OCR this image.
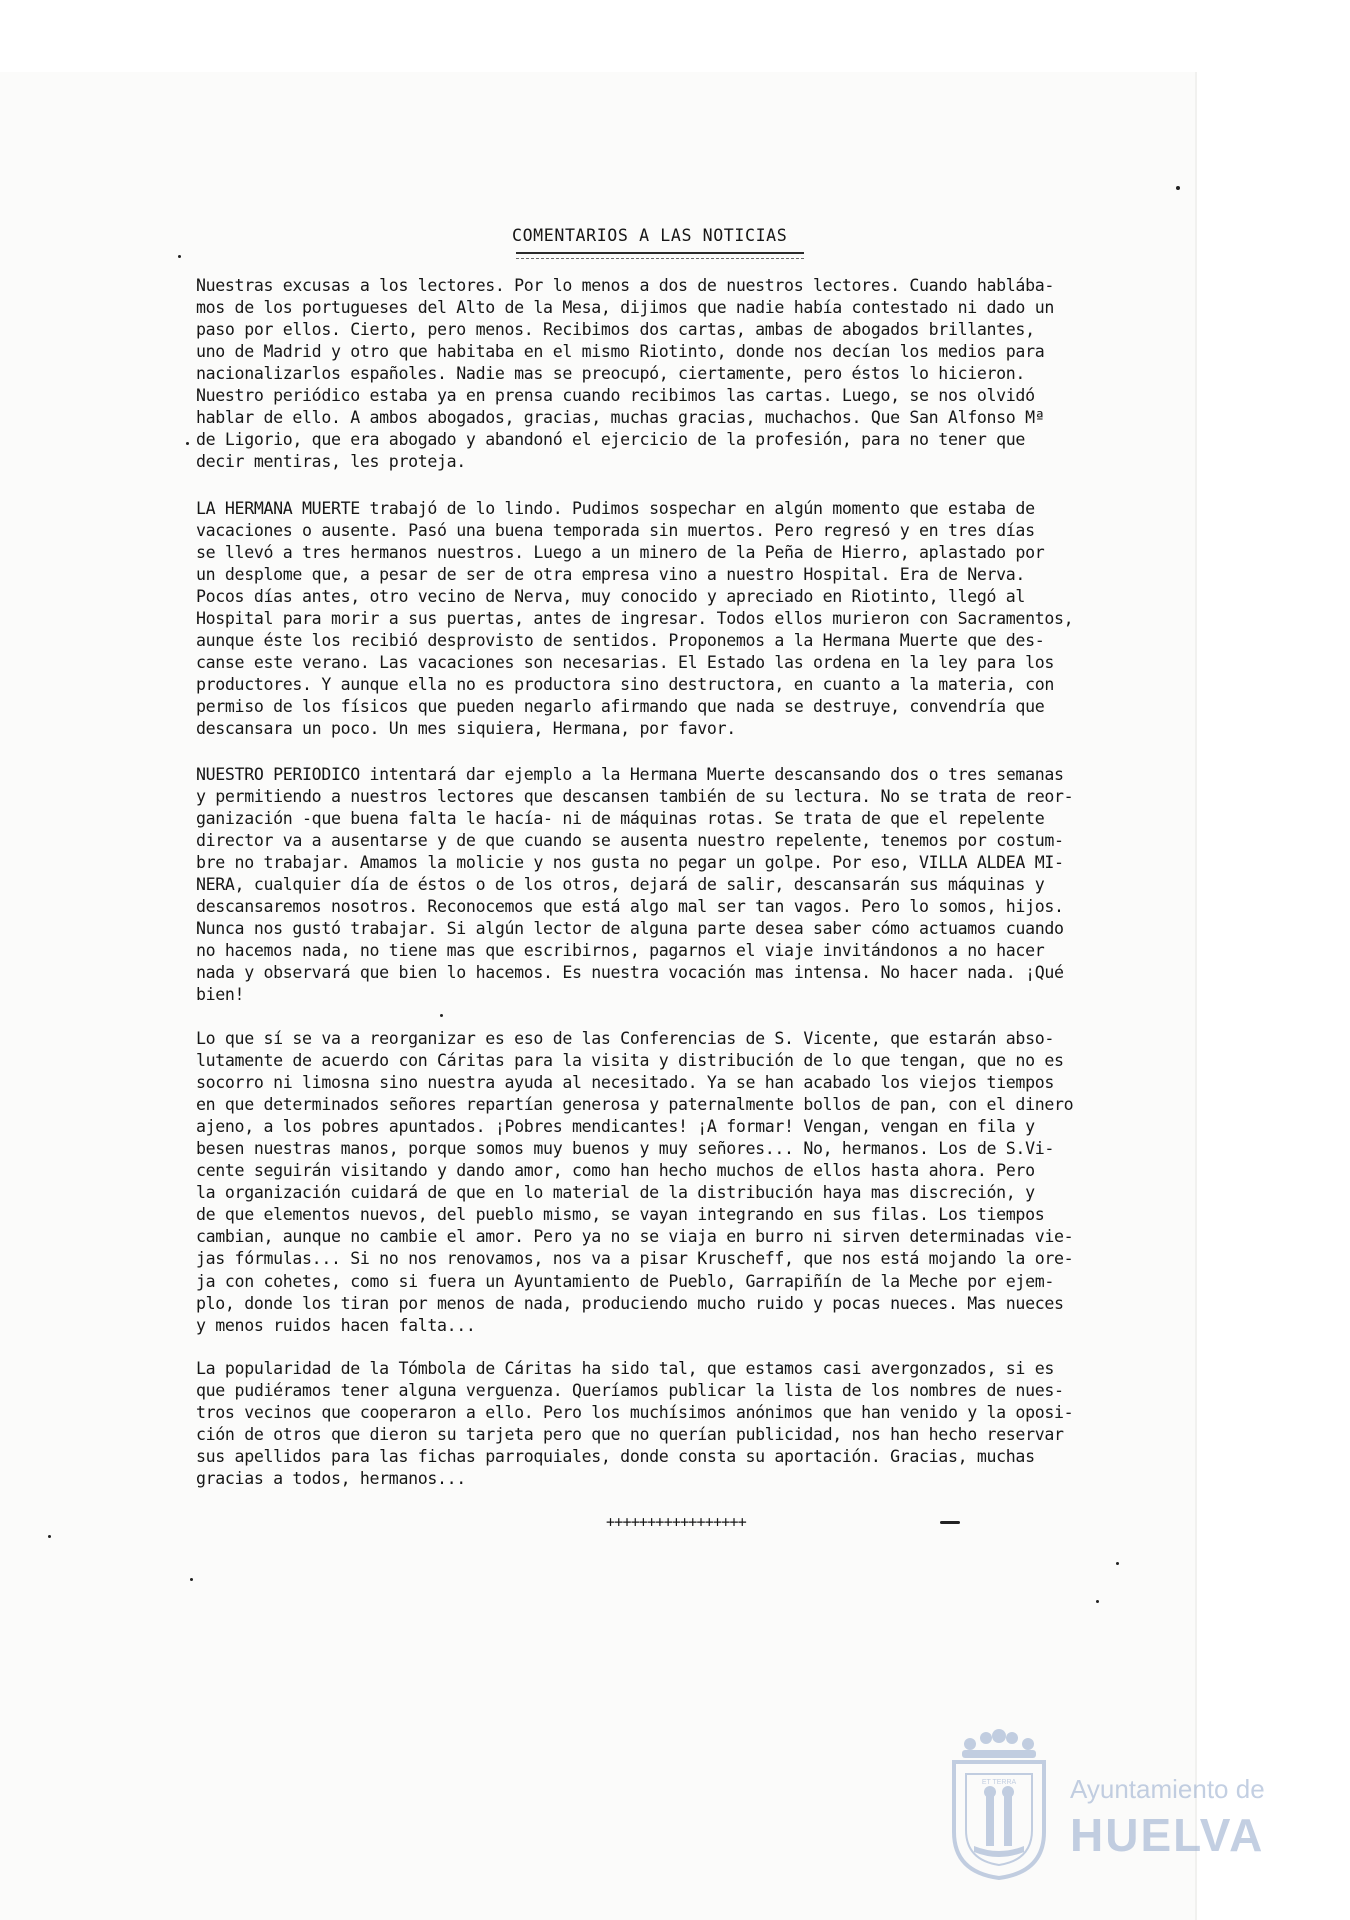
COMENTARIOS A LAS NOTICIAS
Nuestras excusas a los lectores. Por lo menos a dos de nuestros lectores. Cuando hablába-
mos de los portugueses del Alto de la Mesa, dijimos que nadie había contestado ni dado un
paso por ellos. Cierto, pero menos. Recibimos dos cartas, ambas de abogados brillantes,
uno de Madrid y otro que habitaba en el mismo Riotinto, donde nos decían los medios para
nacionalizarlos españoles. Nadie mas se preocupó, ciertamente, pero éstos lo hicieron.
Nuestro periódico estaba ya en prensa cuando recibimos las cartas. Luego, se nos olvidó
hablar de ello. A ambos abogados, gracias, muchas gracias, muchachos. Que San Alfonso Mª
de Ligorio, que era abogado y abandonó el ejercicio de la profesión, para no tener que
decir mentiras, les proteja.
LA HERMANA MUERTE trabajó de lo lindo. Pudimos sospechar en algún momento que estaba de
vacaciones o ausente. Pasó una buena temporada sin muertos. Pero regresó y en tres días
se llevó a tres hermanos nuestros. Luego a un minero de la Peña de Hierro, aplastado por
un desplome que, a pesar de ser de otra empresa vino a nuestro Hospital. Era de Nerva.
Pocos días antes, otro vecino de Nerva, muy conocido y apreciado en Riotinto, llegó al
Hospital para morir a sus puertas, antes de ingresar. Todos ellos murieron con Sacramentos,
aunque éste los recibió desprovisto de sentidos. Proponemos a la Hermana Muerte que des-
canse este verano. Las vacaciones son necesarias. El Estado las ordena en la ley para los
productores. Y aunque ella no es productora sino destructora, en cuanto a la materia, con
permiso de los físicos que pueden negarlo afirmando que nada se destruye, convendría que
descansara un poco. Un mes siquiera, Hermana, por favor.
NUESTRO PERIODICO intentará dar ejemplo a la Hermana Muerte descansando dos o tres semanas
y permitiendo a nuestros lectores que descansen también de su lectura. No se trata de reor-
ganización -que buena falta le hacía- ni de máquinas rotas. Se trata de que el repelente
director va a ausentarse y de que cuando se ausenta nuestro repelente, tenemos por costum-
bre no trabajar. Amamos la molicie y nos gusta no pegar un golpe. Por eso, VILLA ALDEA MI-
NERA, cualquier día de éstos o de los otros, dejará de salir, descansarán sus máquinas y
descansaremos nosotros. Reconocemos que está algo mal ser tan vagos. Pero lo somos, hijos.
Nunca nos gustó trabajar. Si algún lector de alguna parte desea saber cómo actuamos cuando
no hacemos nada, no tiene mas que escribirnos, pagarnos el viaje invitándonos a no hacer
nada y observará que bien lo hacemos. Es nuestra vocación mas intensa. No hacer nada. ¡Qué
bien!
Lo que sí se va a reorganizar es eso de las Conferencias de S. Vicente, que estarán abso-
lutamente de acuerdo con Cáritas para la visita y distribución de lo que tengan, que no es
socorro ni limosna sino nuestra ayuda al necesitado. Ya se han acabado los viejos tiempos
en que determinados señores repartían generosa y paternalmente bollos de pan, con el dinero
ajeno, a los pobres apuntados. ¡Pobres mendicantes! ¡A formar! Vengan, vengan en fila y
besen nuestras manos, porque somos muy buenos y muy señores... No, hermanos. Los de S.Vi-
cente seguirán visitando y dando amor, como han hecho muchos de ellos hasta ahora. Pero
la organización cuidará de que en lo material de la distribución haya mas discreción, y
de que elementos nuevos, del pueblo mismo, se vayan integrando en sus filas. Los tiempos
cambian, aunque no cambie el amor. Pero ya no se viaja en burro ni sirven determinadas vie-
jas fórmulas... Si no nos renovamos, nos va a pisar Kruscheff, que nos está mojando la ore-
ja con cohetes, como si fuera un Ayuntamiento de Pueblo, Garrapiñín de la Meche por ejem-
plo, donde los tiran por menos de nada, produciendo mucho ruido y pocas nueces. Mas nueces
y menos ruidos hacen falta...
La popularidad de la Tómbola de Cáritas ha sido tal, que estamos casi avergonzados, si es
que pudiéramos tener alguna verguenza. Queríamos publicar la lista de los nombres de nues-
tros vecinos que cooperaron a ello. Pero los muchísimos anónimos que han venido y la oposi-
ción de otros que dieron su tarjeta pero que no querían publicidad, nos han hecho reservar
sus apellidos para las fichas parroquiales, donde consta su aportación. Gracias, muchas
gracias a todos, hermanos...
+++++++++++++++++
ET TERRA Ayuntamiento de
HUELVA
